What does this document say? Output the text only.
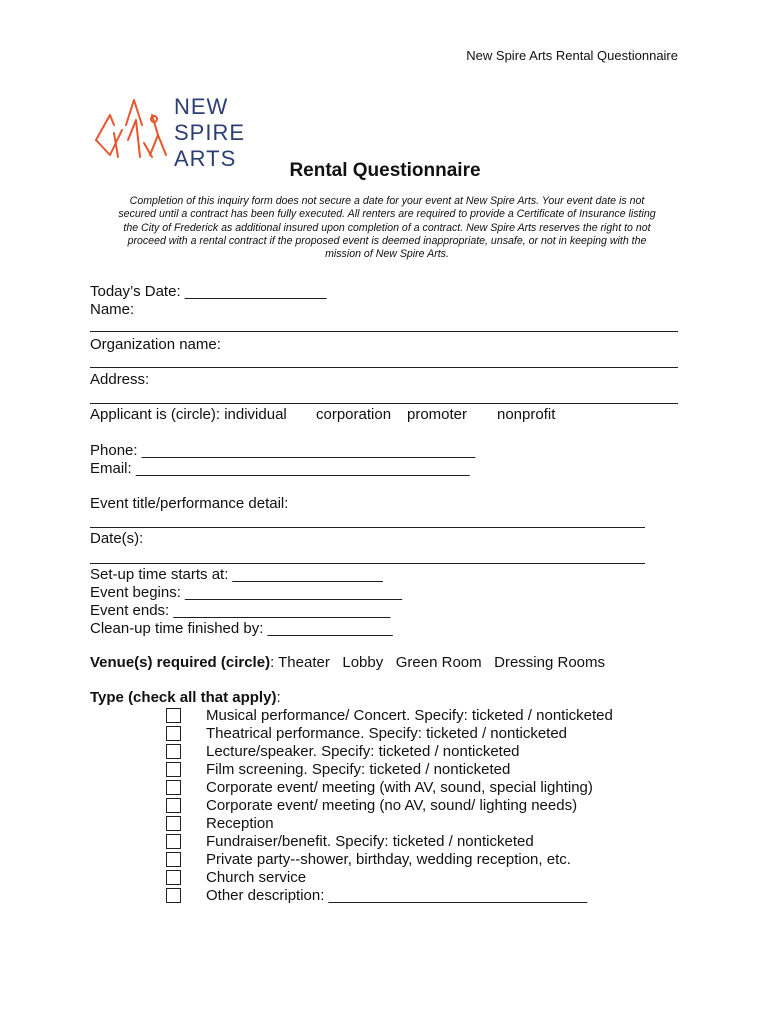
New Spire Arts Rental Questionnaire
NEW
SPIRE
ARTS	Rental Questionnaire
Completion of this inquiry form does not secure a date for your event at New Spire Arts. Your event date is not
secured until a contract has been fully executed. All renters are required to provide a Certificate of Insurance listing
the City of Frederick as additional insured upon completion of a contract. New Spire Arts reserves the right to not
proceed with a rental contract if the proposed event is deemed inappropriate, unsafe, or not in keeping with the
mission of New Spire Arts.
Today’s Date: _________________
Name:
Organization name:
Address:
Applicant is (circle): individual corporation promoter nonprofit
Phone: ________________________________________
Email: ________________________________________
Event title/performance detail:
Date(s):
Set-up time starts at: __________________
Event begins: __________________________
Event ends: __________________________
Clean-up time finished by: _______________
Venue(s) required (circle): Theater Lobby Green Room Dressing Rooms
Type (check all that apply):
Musical performance/ Concert. Specify: ticketed / nonticketed
Theatrical performance. Specify: ticketed / nonticketed
Lecture/speaker. Specify: ticketed / nonticketed
Film screening. Specify: ticketed / nonticketed
Corporate event/ meeting (with AV, sound, special lighting)
Corporate event/ meeting (no AV, sound/ lighting needs)
Reception
Fundraiser/benefit. Specify: ticketed / nonticketed
Private party--shower, birthday, wedding reception, etc.
Church service
Other description: _______________________________
